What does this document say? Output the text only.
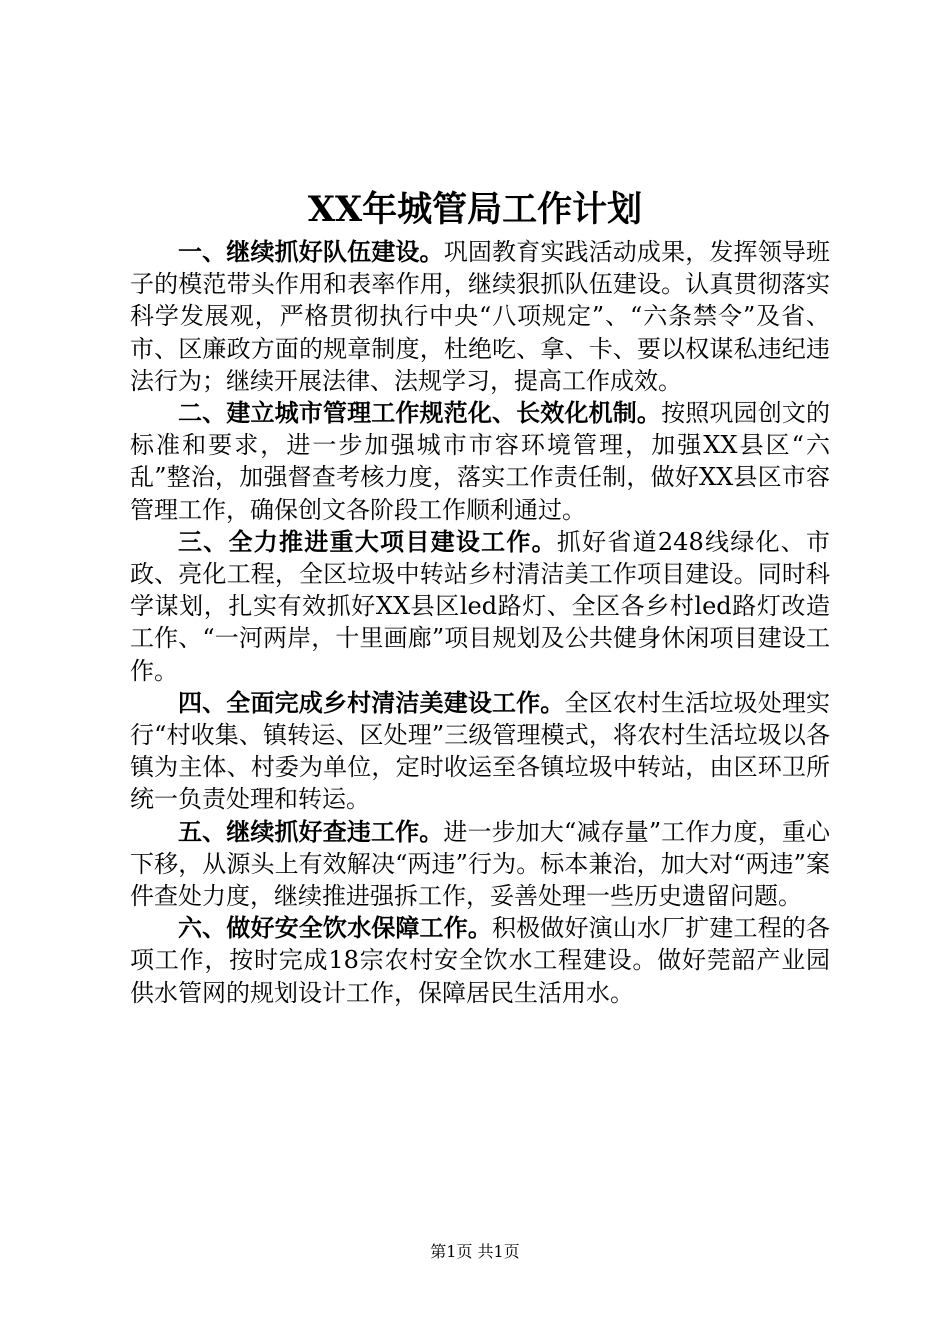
XX年城管局工作计划

一、继续抓好队伍建设。巩固教育实践活动成果，发挥领导班子的模范带头作用和表率作用，继续狠抓队伍建设。认真贯彻落实科学发展观，严格贯彻执行中央“八项规定”、“六条禁令”及省、市、区廉政方面的规章制度，杜绝吃、拿、卡、要以权谋私违纪违法行为；继续开展法律、法规学习，提高工作成效。

二、建立城市管理工作规范化、长效化机制。按照巩园创文的标准和要求，进一步加强城市市容环境管理，加强XX县区“六乱”整治，加强督查考核力度，落实工作责任制，做好XX县区市容管理工作，确保创文各阶段工作顺利通过。

三、全力推进重大项目建设工作。抓好省道248线绿化、市政、亮化工程，全区垃圾中转站乡村清洁美工作项目建设。同时科学谋划，扎实有效抓好XX县区led路灯、全区各乡村led路灯改造工作、“一河两岸，十里画廊”项目规划及公共健身休闲项目建设工作。

四、全面完成乡村清洁美建设工作。全区农村生活垃圾处理实行“村收集、镇转运、区处理”三级管理模式，将农村生活垃圾以各镇为主体、村委为单位，定时收运至各镇垃圾中转站，由区环卫所统一负责处理和转运。

五、继续抓好查违工作。进一步加大“减存量”工作力度，重心下移，从源头上有效解决“两违”行为。标本兼治，加大对“两违”案件查处力度，继续推进强拆工作，妥善处理一些历史遗留问题。

六、做好安全饮水保障工作。积极做好演山水厂扩建工程的各项工作，按时完成18宗农村安全饮水工程建设。做好莞韶产业园供水管网的规划设计工作，保障居民生活用水。

第1页 共1页
